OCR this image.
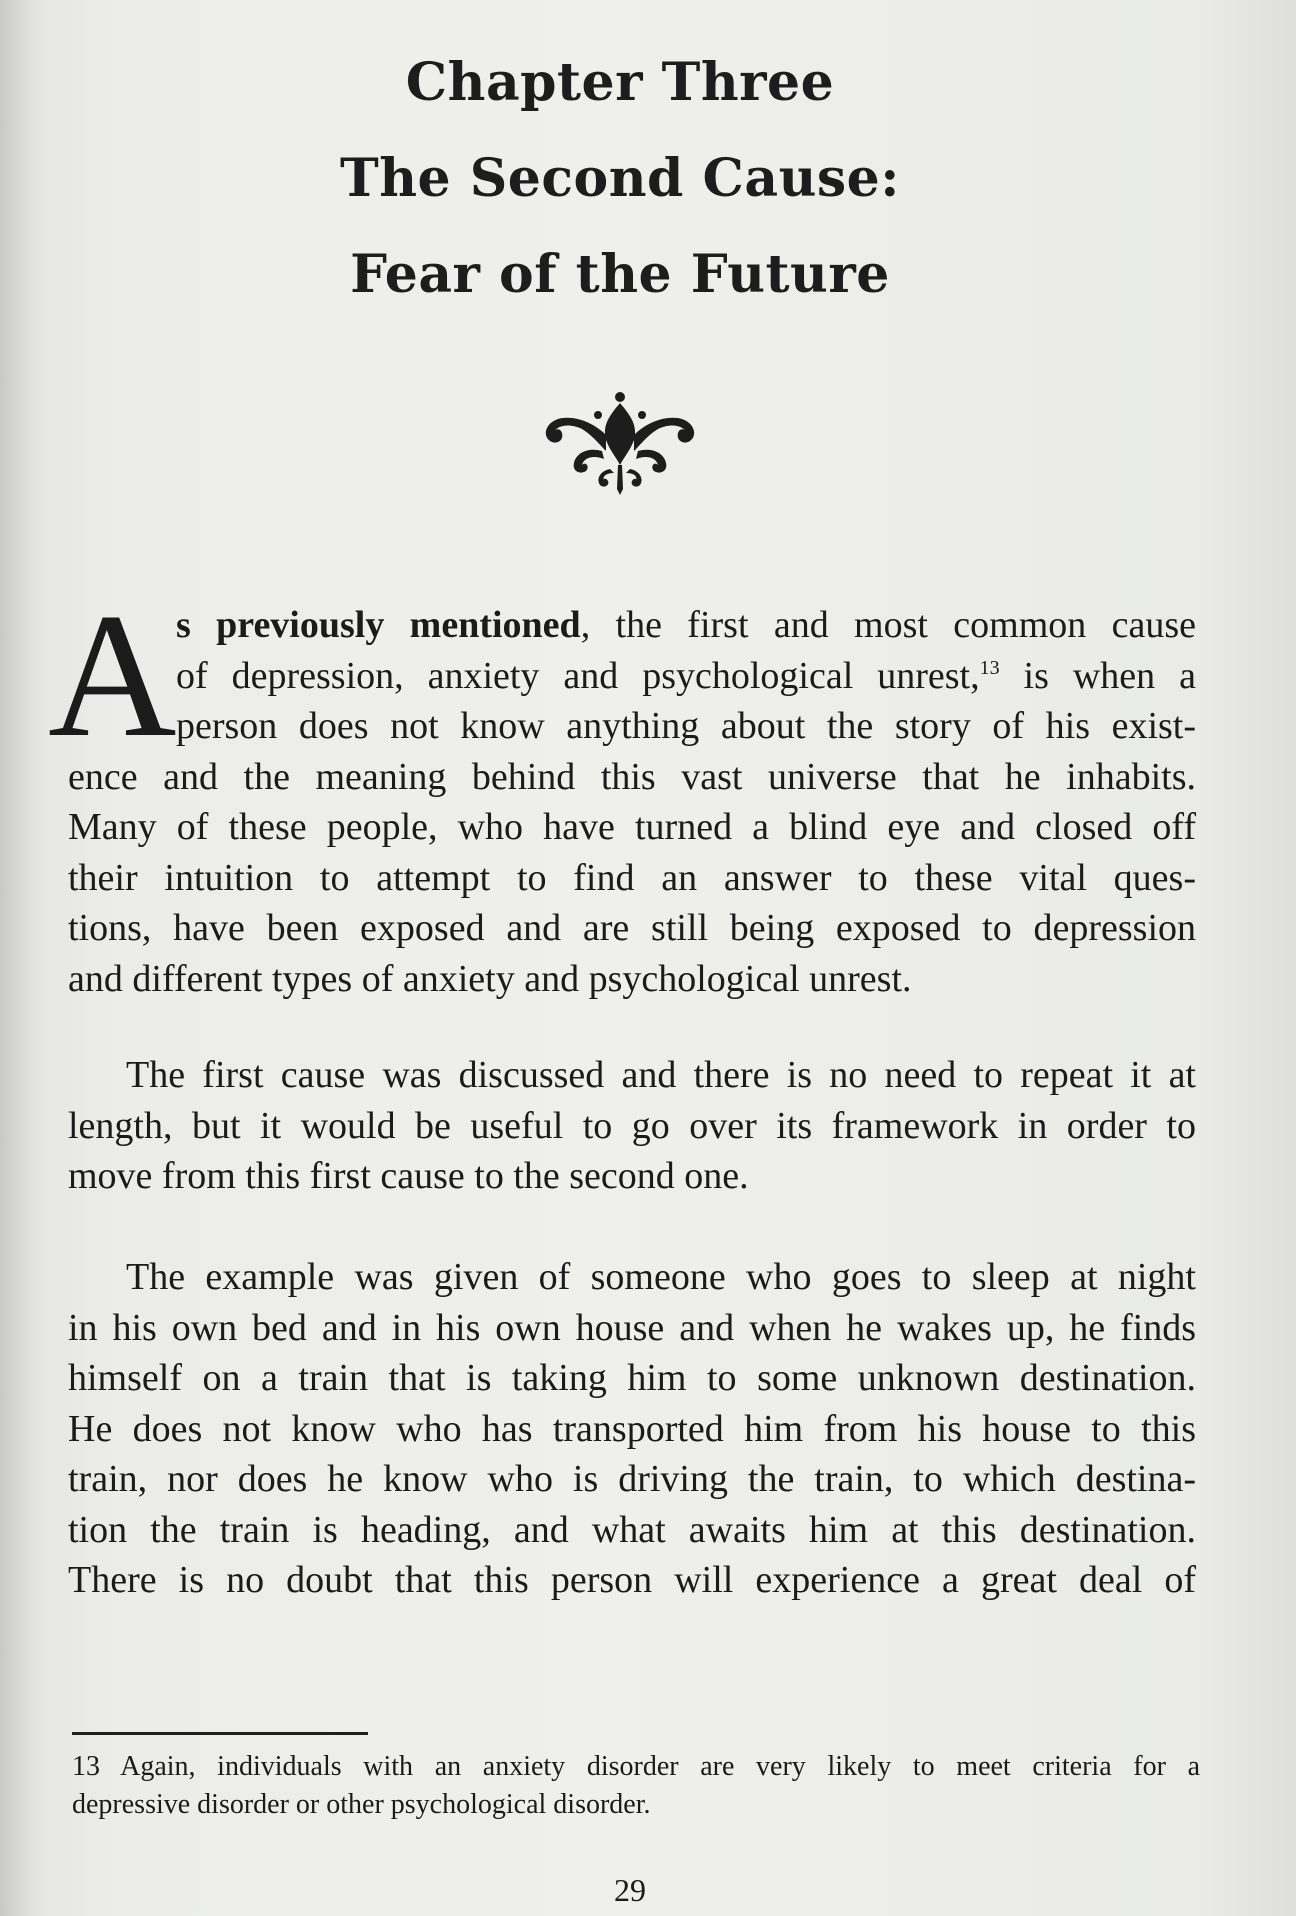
Chapter Three
The Second Cause:
Fear of the Future
A s previously mentioned, the first and most common cause
of depression, anxiety and psychological unrest,$^{13}$ is when a
person does not know anything about the story of his exist-
ence and the meaning behind this vast universe that he inhabits.
Many of these people, who have turned a blind eye and closed off
their intuition to attempt to find an answer to these vital ques-
tions, have been exposed and are still being exposed to depression
and different types of anxiety and psychological unrest.
The first cause was discussed and there is no need to repeat it at
length, but it would be useful to go over its framework in order to
move from this first cause to the second one.
The example was given of someone who goes to sleep at night
in his own bed and in his own house and when he wakes up, he finds
himself on a train that is taking him to some unknown destination.
He does not know who has transported him from his house to this
train, nor does he know who is driving the train, to which destina-
tion the train is heading, and what awaits him at this destination.
There is no doubt that this person will experience a great deal of
13 Again, individuals with an anxiety disorder are very likely to meet criteria for a
depressive disorder or other psychological disorder.
29
